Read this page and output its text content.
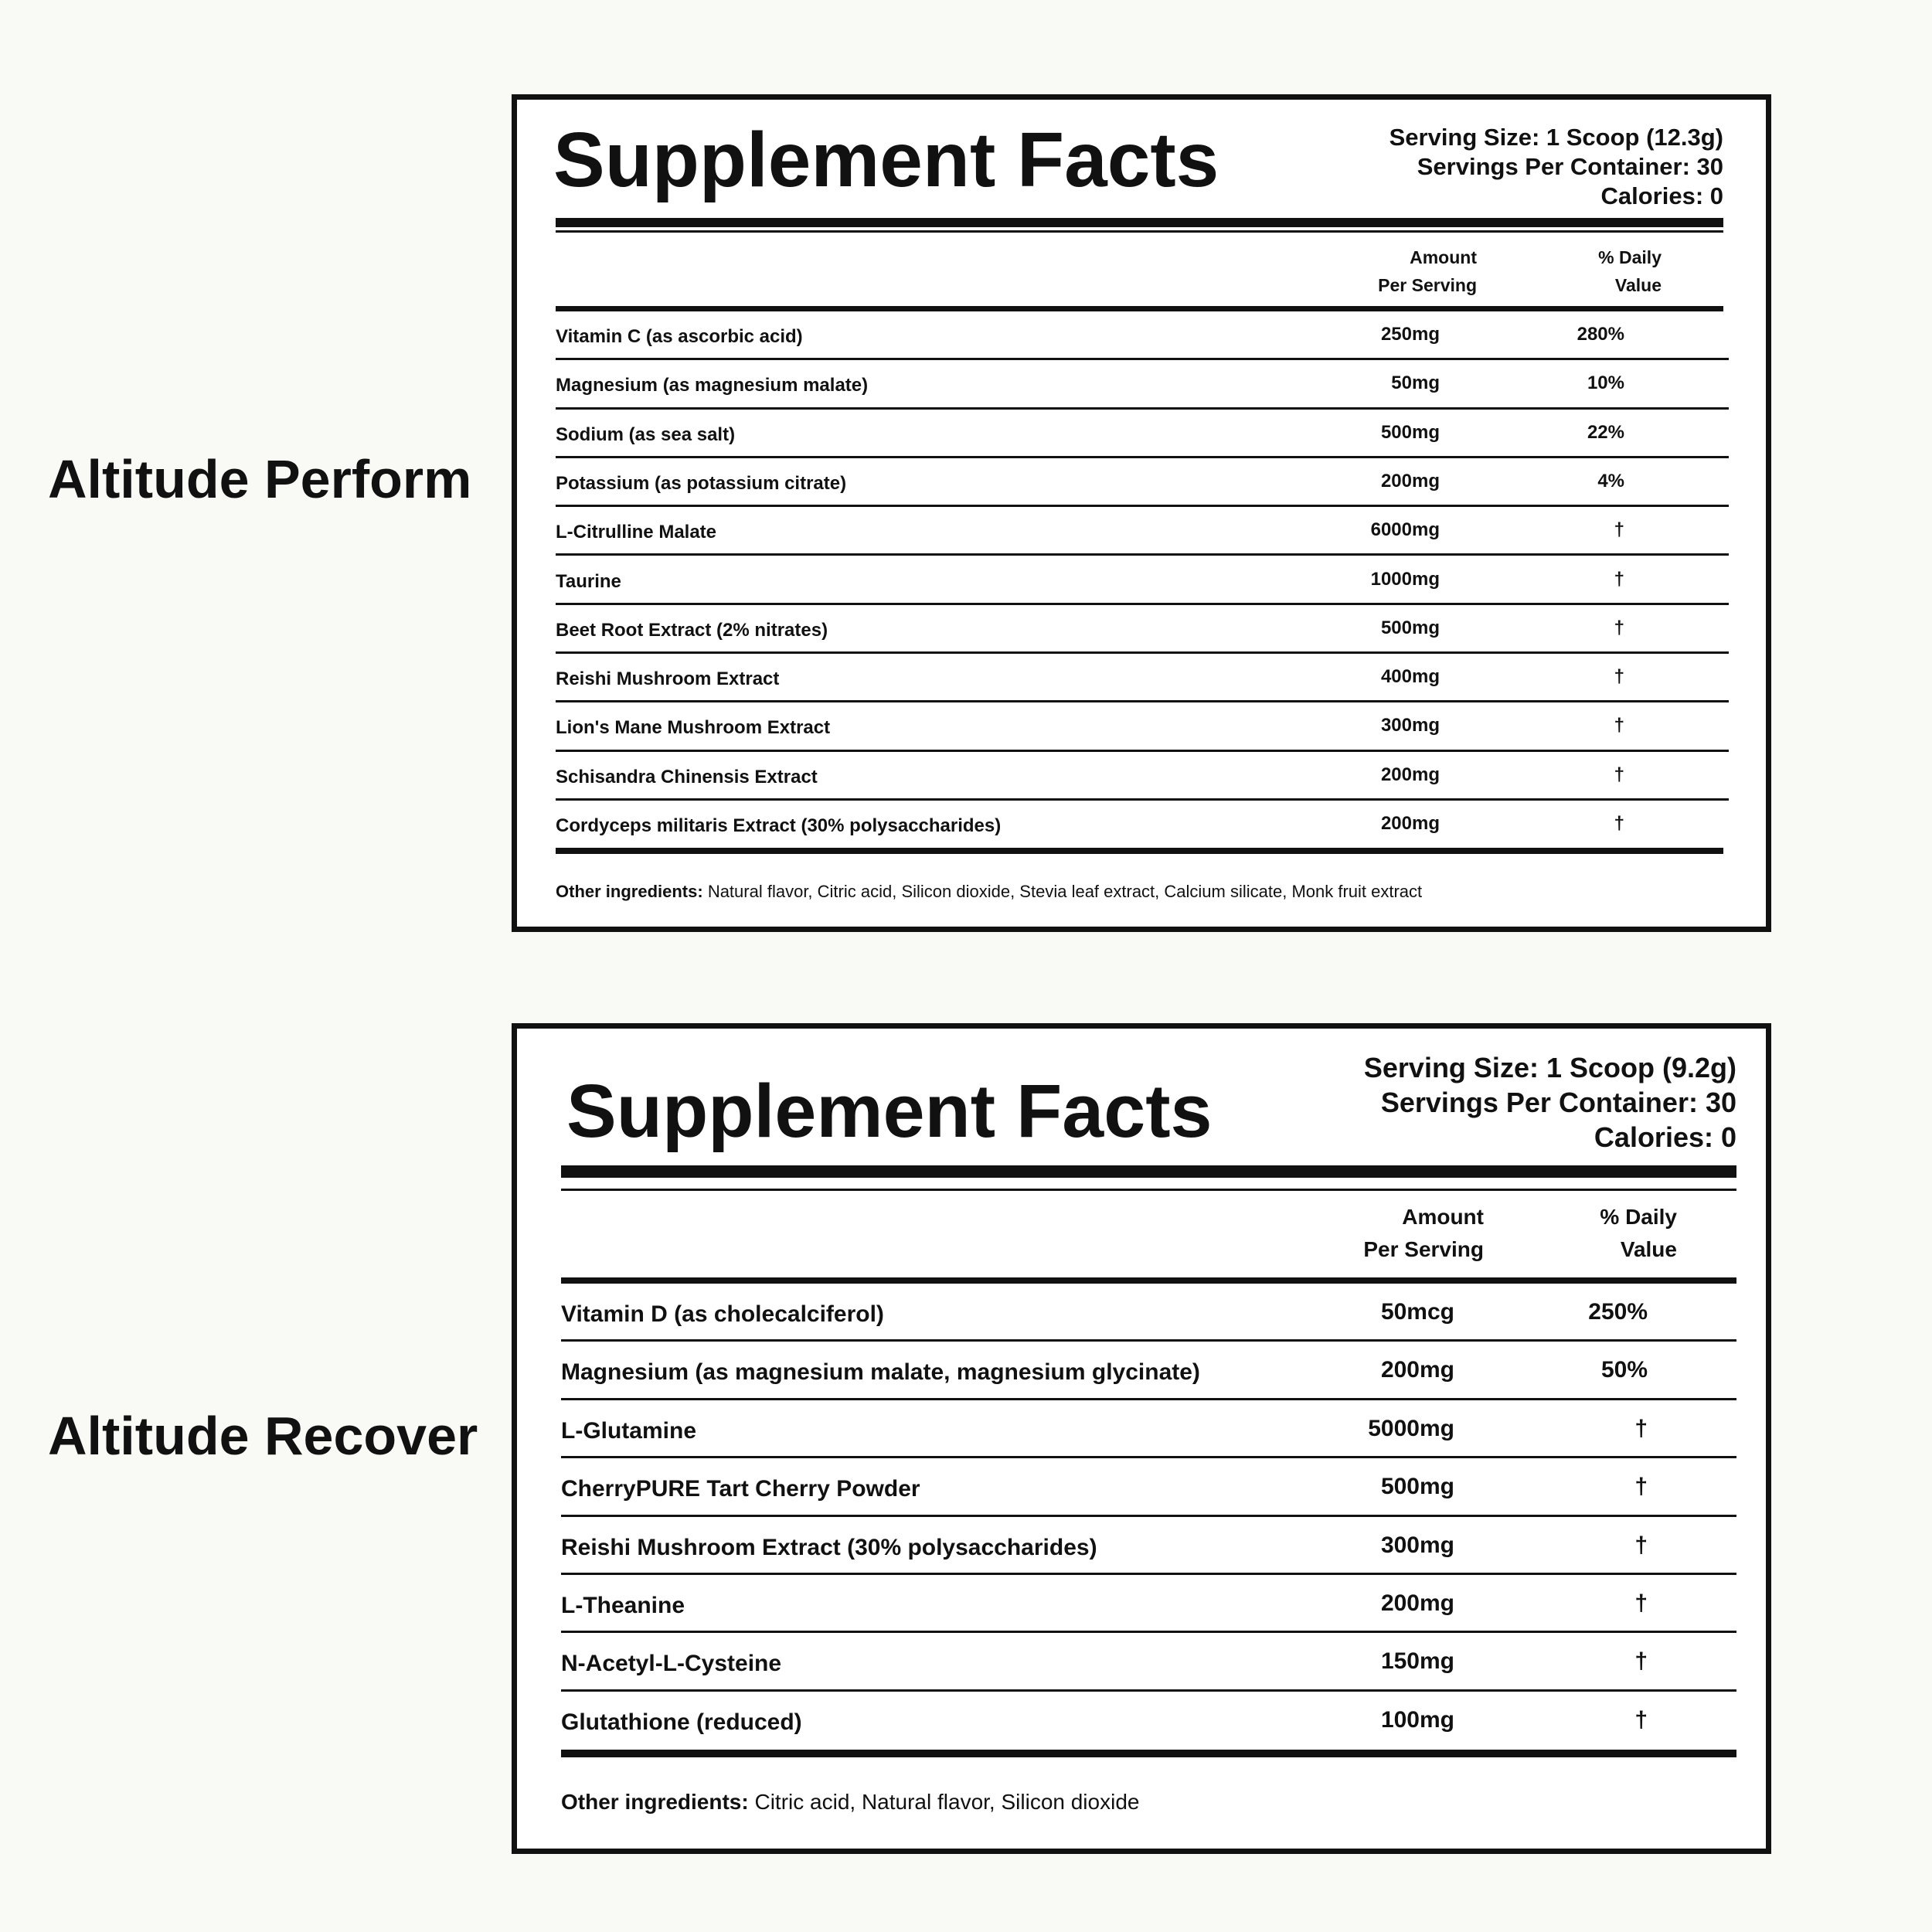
Altitude Perform
Supplement Facts	Serving Size: 1 Scoop (12.3g)
Servings Per Container: 30
Calories: 0
Amount
Per Serving
% Daily
Value
Vitamin C (as ascorbic acid)	250mg	280%
Magnesium (as magnesium malate)	50mg	10%
Sodium (as sea salt)	500mg	22%
Potassium (as potassium citrate)	200mg	4%
L-Citrulline Malate	6000mg	†
Taurine	1000mg	†
Beet Root Extract (2% nitrates)	500mg	†
Reishi Mushroom Extract	400mg	†
Lion's Mane Mushroom Extract	300mg	†
Schisandra Chinensis Extract	200mg	†
Cordyceps militaris Extract (30% polysaccharides)	200mg	†
Other ingredients: Natural flavor, Citric acid, Silicon dioxide, Stevia leaf extract, Calcium silicate, Monk fruit extract
Altitude Recover
Supplement Facts
Serving Size: 1 Scoop (9.2g)
Servings Per Container: 30
Calories: 0
Amount
Per Serving
% Daily
Value
Vitamin D (as cholecalciferol)	50mcg	250%
Magnesium (as magnesium malate, magnesium glycinate)	200mg	50%
L-Glutamine	5000mg	†
CherryPURE Tart Cherry Powder	500mg	†
Reishi Mushroom Extract (30% polysaccharides)	300mg	†
L-Theanine	200mg	†
N-Acetyl-L-Cysteine	150mg	†
Glutathione (reduced)	100mg	†
Other ingredients: Citric acid, Natural flavor, Silicon dioxide
